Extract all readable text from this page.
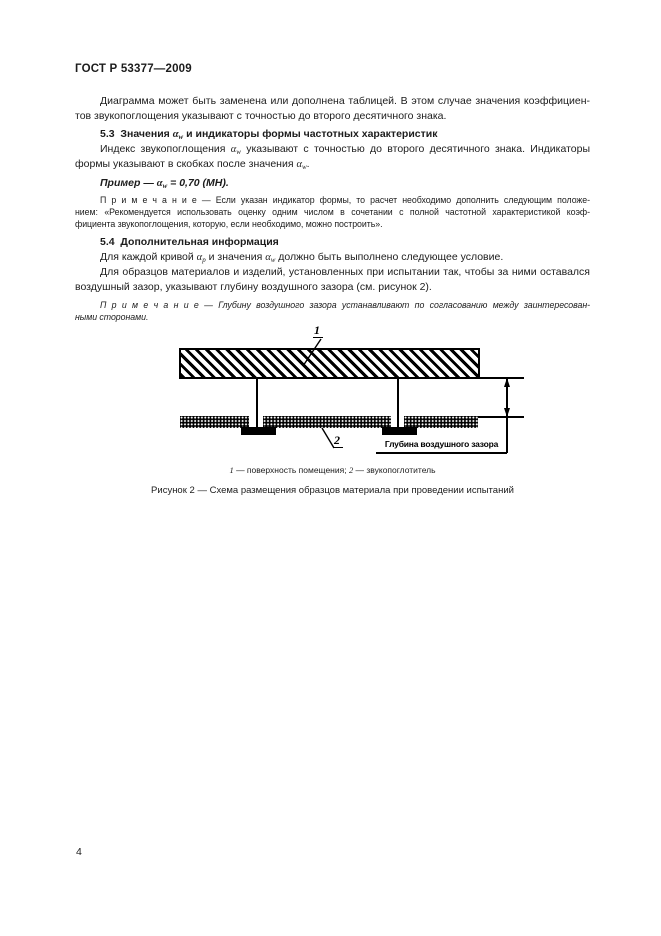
ГОСТ Р 53377—2009
Диаграмма может быть заменена или дополнена таблицей. В этом случае значения коэффициен-
тов звукопоглощения указывают с точностью до второго десятичного знака.
5.3  Значения $\alpha_w$ и индикаторы формы частотных характеристик
Индекс звукопоглощения $\alpha_w$ указывают с точностью до второго десятичного знака. Индикаторы
формы указывают в скобках после значения $\alpha_w$.
Пример — $\alpha_w = 0,70$ (МН).
П р и м е ч а н и е — Если указан индикатор формы, то расчет необходимо дополнить следующим положе-
нием: «Рекомендуется использовать оценку одним числом в сочетании с полной частотной характеристикой коэф-
фициента звукопоглощения, которую, если необходимо, можно построить».
5.4  Дополнительная информация
Для каждой кривой $\alpha_p$ и значения $\alpha_w$ должно быть выполнено следующее условие.
Для образцов материалов и изделий, установленных при испытании так, чтобы за ними оставался
воздушный зазор, указывают глубину воздушного зазора (см. рисунок 2).
П р и м е ч а н и е — Глубину воздушного зазора устанавливают по согласованию между заинтересован-
ными сторонами.
1
Глубина воздушного зазора
2
1 — поверхность помещения; 2 — звукопоглотитель
Рисунок 2 — Схема размещения образцов материала при проведении испытаний
4
